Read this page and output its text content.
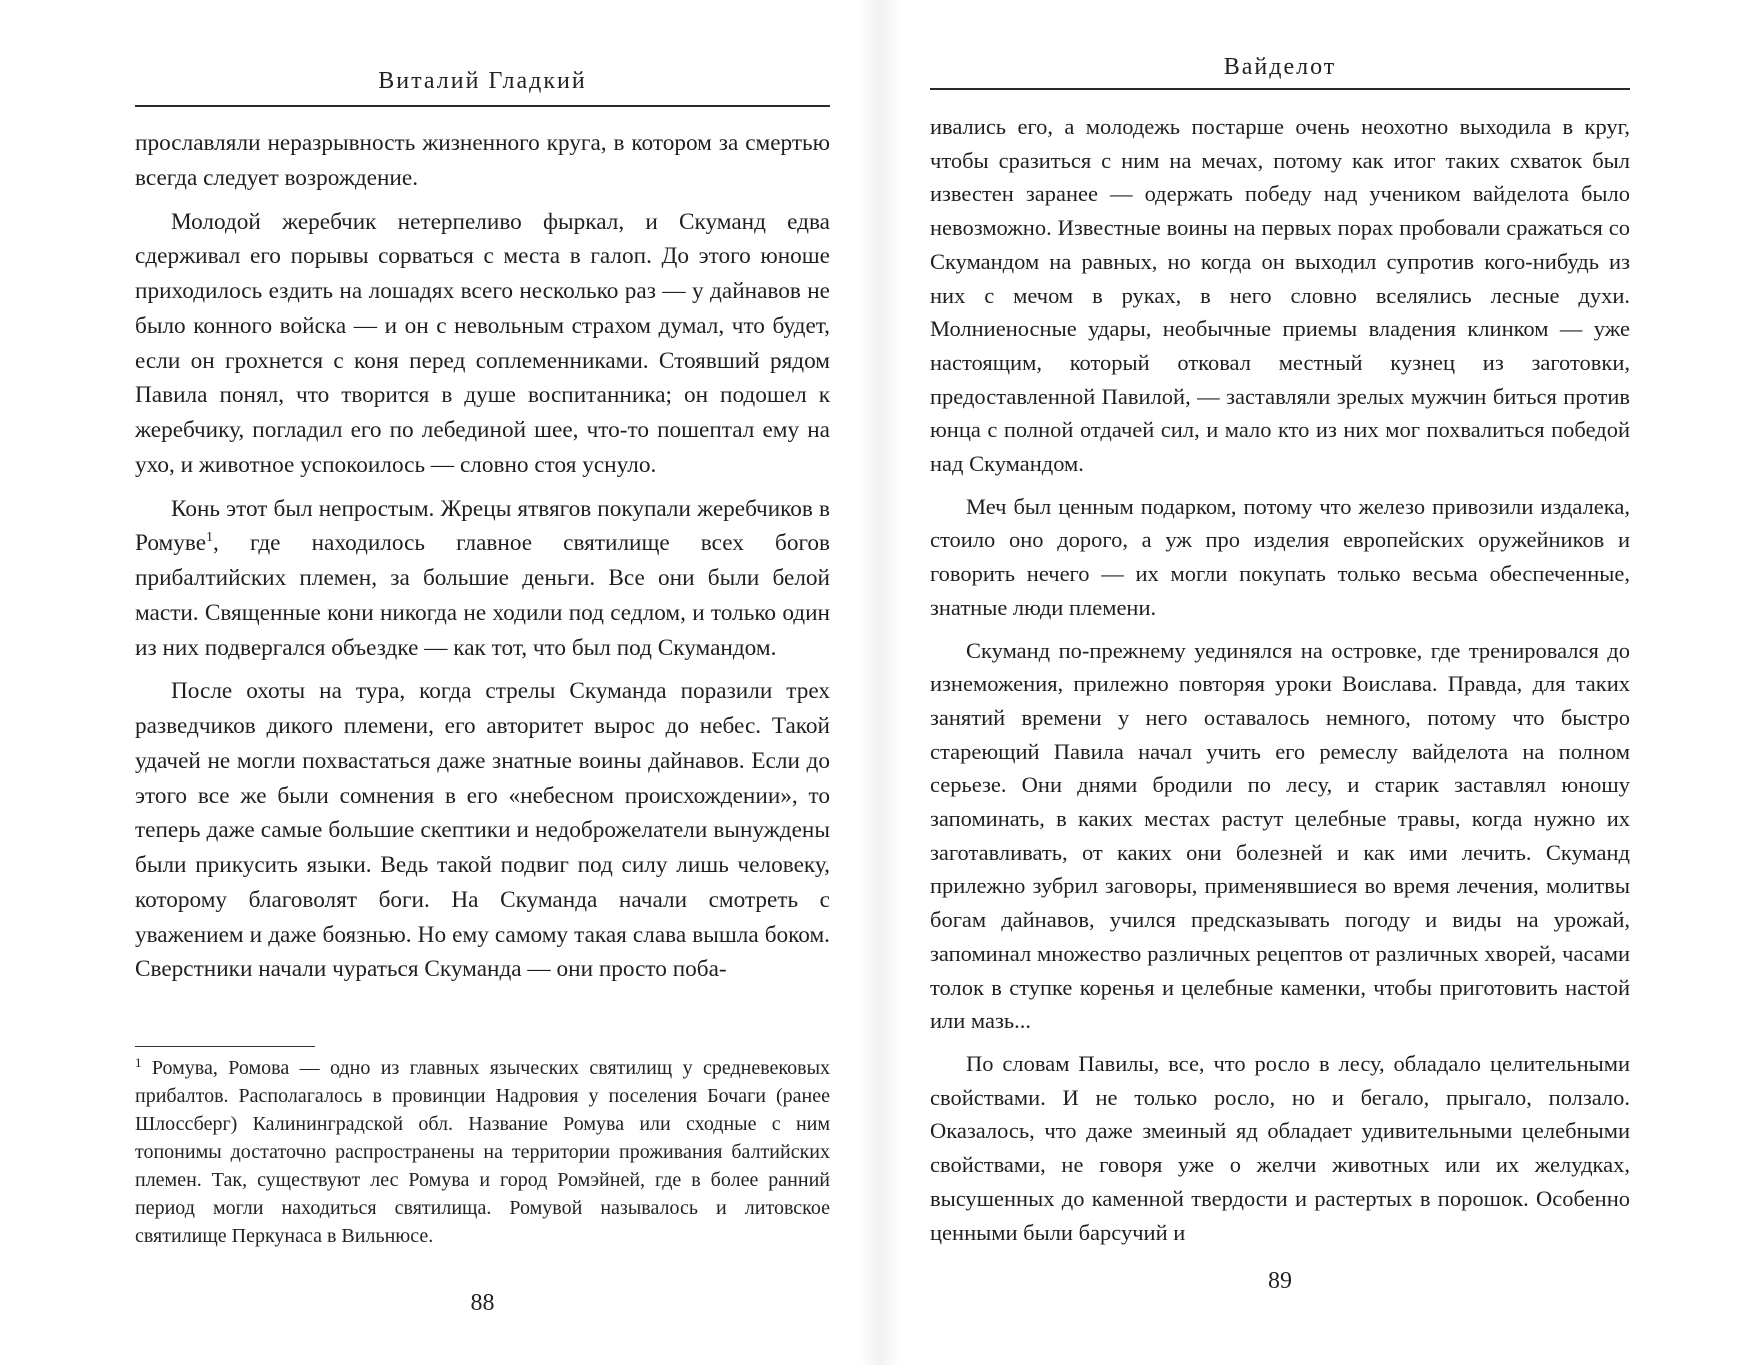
Виталий Гладкий

прославляли неразрывность жизненного круга, в котором за смертью всегда следует возрождение.

Молодой жеребчик нетерпеливо фыркал, и Скуманд едва сдерживал его порывы сорваться с места в галоп. До этого юноше приходилось ездить на лошадях всего несколько раз — у дайнавов не было конного войска — и он с невольным страхом думал, что будет, если он грохнется с коня перед соплеменниками. Стоявший рядом Павила понял, что творится в душе воспитанника; он подошел к жеребчику, погладил его по лебединой шее, что-то пошептал ему на ухо, и животное успокоилось — словно стоя уснуло.

Конь этот был непростым. Жрецы ятвягов покупали жеребчиков в Ромуве$^1$, где находилось главное святилище всех богов прибалтийских племен, за большие деньги. Все они были белой масти. Священные кони никогда не ходили под седлом, и только один из них подвергался объездке — как тот, что был под Скумандом.

После охоты на тура, когда стрелы Скуманда поразили трех разведчиков дикого племени, его авторитет вырос до небес. Такой удачей не могли похвастаться даже знатные воины дайнавов. Если до этого все же были сомнения в его «небесном происхождении», то теперь даже самые большие скептики и недоброжелатели вынуждены были прикусить языки. Ведь такой подвиг под силу лишь человеку, которому благоволят боги. На Скуманда начали смотреть с уважением и даже боязнью. Но ему самому такая слава вышла боком. Сверстники начали чураться Скуманда — они просто поба-

$^1$ Ромува, Ромова — одно из главных языческих святилищ у средневековых прибалтов. Располагалось в провинции Надровия у поселения Бочаги (ранее Шлоссберг) Калининградской обл. Название Ромува или сходные с ним топонимы достаточно распространены на территории проживания балтийских племен. Так, существуют лес Ромува и город Ромэйней, где в более ранний период могли находиться святилища. Ромувой называлось и литовское святилище Перкунаса в Вильнюсе.

88
Вайделот

ивались его, а молодежь постарше очень неохотно выходила в круг, чтобы сразиться с ним на мечах, потому как итог таких схваток был известен заранее — одержать победу над учеником вайделота было невозможно. Известные воины на первых порах пробовали сражаться со Скумандом на равных, но когда он выходил супротив кого-нибудь из них с мечом в руках, в него словно вселялись лесные духи. Молниеносные удары, необычные приемы владения клинком — уже настоящим, который отковал местный кузнец из заготовки, предоставленной Павилой, — заставляли зрелых мужчин биться против юнца с полной отдачей сил, и мало кто из них мог похвалиться победой над Скумандом.

Меч был ценным подарком, потому что железо привозили издалека, стоило оно дорого, а уж про изделия европейских оружейников и говорить нечего — их могли покупать только весьма обеспеченные, знатные люди племени.

Скуманд по-прежнему уединялся на островке, где тренировался до изнеможения, прилежно повторяя уроки Воислава. Правда, для таких занятий времени у него оставалось немного, потому что быстро стареющий Павила начал учить его ремеслу вайделота на полном серьезе. Они днями бродили по лесу, и старик заставлял юношу запоминать, в каких местах растут целебные травы, когда нужно их заготавливать, от каких они болезней и как ими лечить. Скуманд прилежно зубрил заговоры, применявшиеся во время лечения, молитвы богам дайнавов, учился предсказывать погоду и виды на урожай, запоминал множество различных рецептов от различных хворей, часами толок в ступке коренья и целебные каменки, чтобы приготовить настой или мазь...

По словам Павилы, все, что росло в лесу, обладало целительными свойствами. И не только росло, но и бегало, прыгало, ползало. Оказалось, что даже змеиный яд обладает удивительными целебными свойствами, не говоря уже о желчи животных или их желудках, высушенных до каменной твердости и растертых в порошок. Особенно ценными были барсучий и

89
